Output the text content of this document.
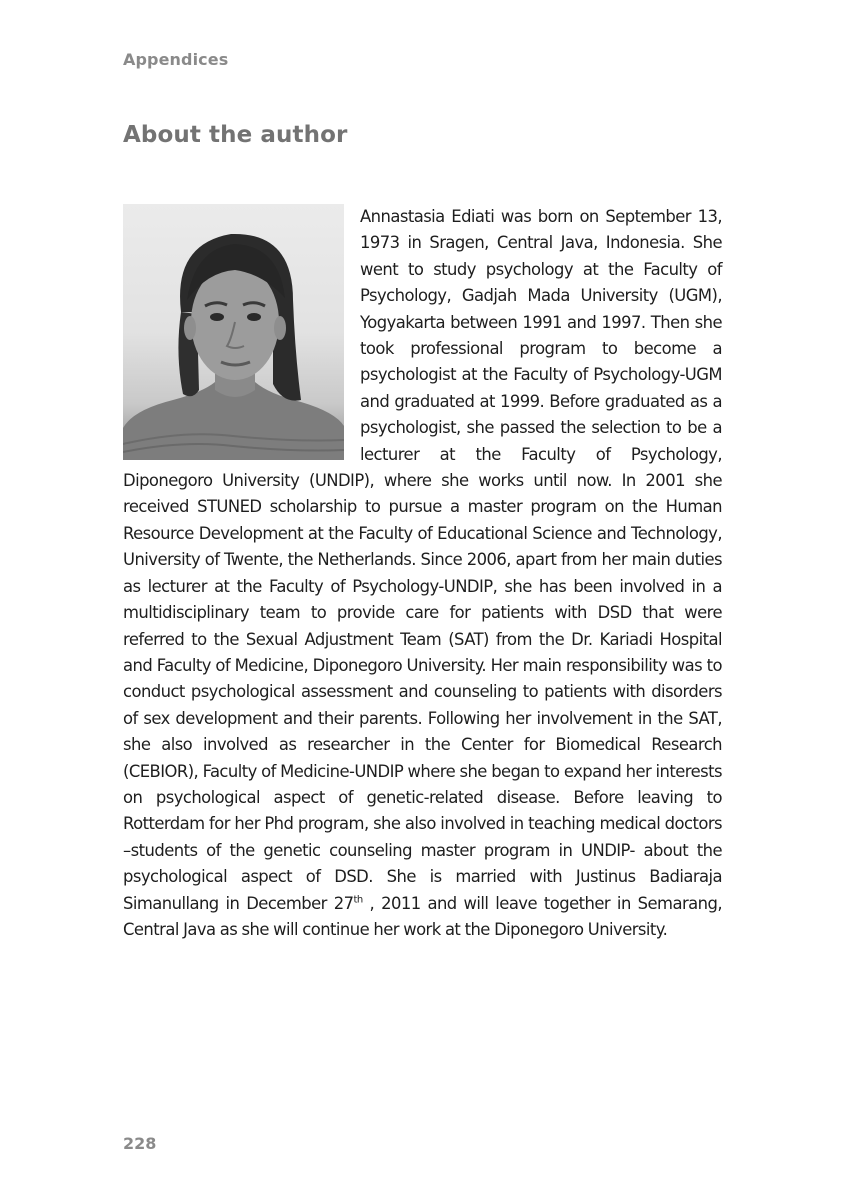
Appendices
About the author

Annastasia Ediati was born on September 13, 1973 in Sragen, Central Java, Indonesia. She went to study psychology at the Faculty of Psychology, Gadjah Mada University (UGM), Yogyakarta between 1991 and 1997. Then she took professional program to become a psychologist at the Faculty of Psychology-UGM and graduated at 1999. Before graduated as a psychologist, she passed the selection to be a lecturer at the Faculty of Psychology, Diponegoro University (UNDIP), where she works until now. In 2001 she received STUNED scholarship to pursue a master program on the Human Resource Development at the Faculty of Educational Science and Technology, University of Twente, the Netherlands. Since 2006, apart from her main duties as lecturer at the Faculty of Psychology-UNDIP, she has been involved in a multidisciplinary team to provide care for patients with DSD that were referred to the Sexual Adjustment Team (SAT) from the Dr. Kariadi Hospital and Faculty of Medicine, Diponegoro University. Her main responsibility was to conduct psychological assessment and counseling to patients with disorders of sex development and their parents. Following her involvement in the SAT, she also involved as researcher in the Center for Biomedical Research (CEBIOR), Faculty of Medicine-UNDIP where she began to expand her interests on psychological aspect of genetic-related disease. Before leaving to Rotterdam for her Phd program, she also involved in teaching medical doctors –students of the genetic counseling master program in UNDIP- about the psychological aspect of DSD. She is married with Justinus Badiaraja Simanullang in December 27th , 2011 and will leave together in Semarang, Central Java as she will continue her work at the Diponegoro University.

228
